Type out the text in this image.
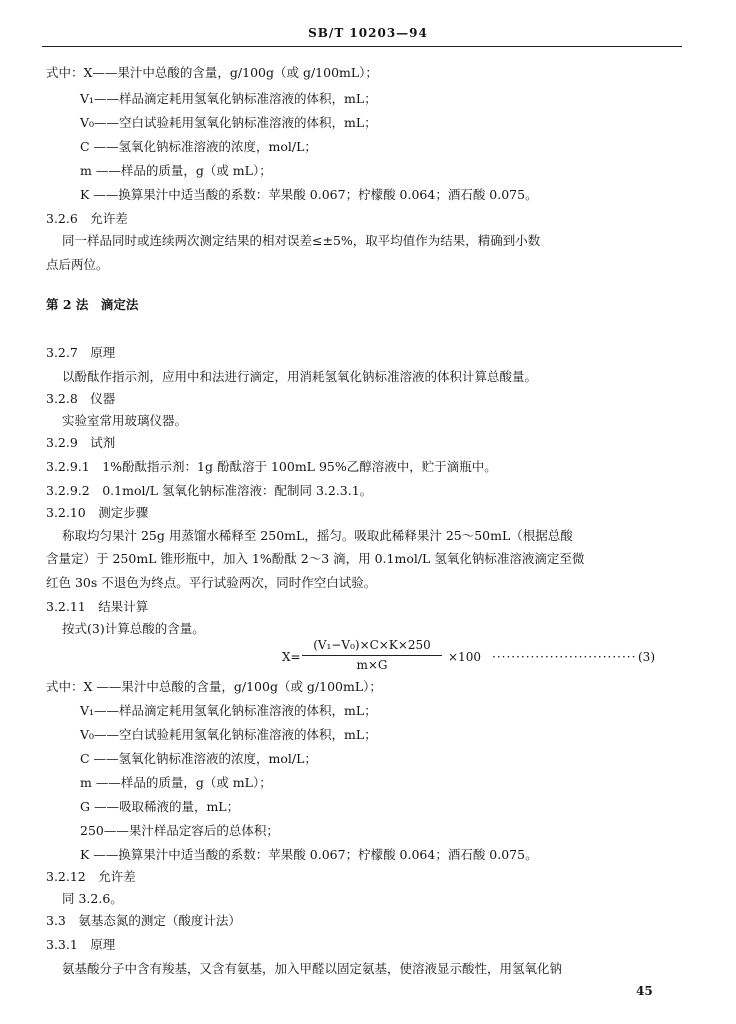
SB/T 10203—94
式中：X——果汁中总酸的含量，g/100g（或 g/100mL）；
V₁——样品滴定耗用氢氧化钠标准溶液的体积，mL；
V₀——空白试验耗用氢氧化钠标准溶液的体积，mL；
C ——氢氧化钠标准溶液的浓度，mol/L；
m ——样品的质量，g（或 mL）；
K ——换算果汁中适当酸的系数：苹果酸 0.067；柠檬酸 0.064；酒石酸 0.075。
3.2.6　允许差
同一样品同时或连续两次测定结果的相对误差≤±5%，取平均值作为结果，精确到小数
点后两位。
第 2 法　滴定法
3.2.7　原理
以酚酞作指示剂，应用中和法进行滴定，用消耗氢氧化钠标准溶液的体积计算总酸量。
3.2.8　仪器
实验室常用玻璃仪器。
3.2.9　试剂
3.2.9.1　1%酚酞指示剂：1g 酚酞溶于 100mL 95%乙醇溶液中，贮于滴瓶中。
3.2.9.2　0.1mol/L 氢氧化钠标准溶液：配制同 3.2.3.1。
3.2.10　测定步骤
称取均匀果汁 25g 用蒸馏水稀释至 250mL，摇匀。吸取此稀释果汁 25～50mL（根据总酸
含量定）于 250mL 锥形瓶中，加入 1%酚酞 2～3 滴，用 0.1mol/L 氢氧化钠标准溶液滴定至微
红色 30s 不退色为终点。平行试验两次，同时作空白试验。
3.2.11　结果计算
按式(3)计算总酸的含量。
X=
(V₁−V₀)×C×K×250
m×G
×100 ······························ (3)
式中：X ——果汁中总酸的含量，g/100g（或 g/100mL）；
V₁——样品滴定耗用氢氧化钠标准溶液的体积，mL；
V₀——空白试验耗用氢氧化钠标准溶液的体积，mL；
C ——氢氧化钠标准溶液的浓度，mol/L；
m ——样品的质量，g（或 mL）；
G ——吸取稀液的量，mL；
250——果汁样品定容后的总体积；
K ——换算果汁中适当酸的系数：苹果酸 0.067；柠檬酸 0.064；酒石酸 0.075。
3.2.12　允许差
同 3.2.6。
3.3　氨基态氮的测定（酸度计法）
3.3.1　原理
氨基酸分子中含有羧基，又含有氨基，加入甲醛以固定氨基，使溶液显示酸性，用氢氧化钠
45
